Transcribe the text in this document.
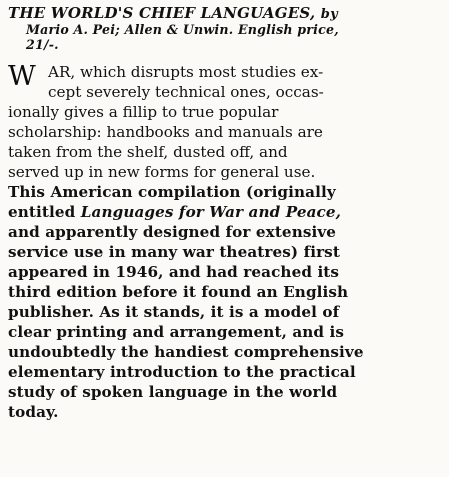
THE WORLD'S CHIEF LANGUAGES, by
Mario A. Pei; Allen & Unwin. English price,
21/-.
W AR, which disrupts most studies ex-
cept severely technical ones, occas-
ionally gives a fillip to true popular
scholarship: handbooks and manuals are
taken from the shelf, dusted off, and
served up in new forms for general use.
This American compilation (originally
entitled Languages for War and Peace,
and apparently designed for extensive
service use in many war theatres) first
appeared in 1946, and had reached its
third edition before it found an English
publisher. As it stands, it is a model of
clear printing and arrangement, and is
undoubtedly the handiest comprehensive
elementary introduction to the practical
study of spoken language in the world
today.
